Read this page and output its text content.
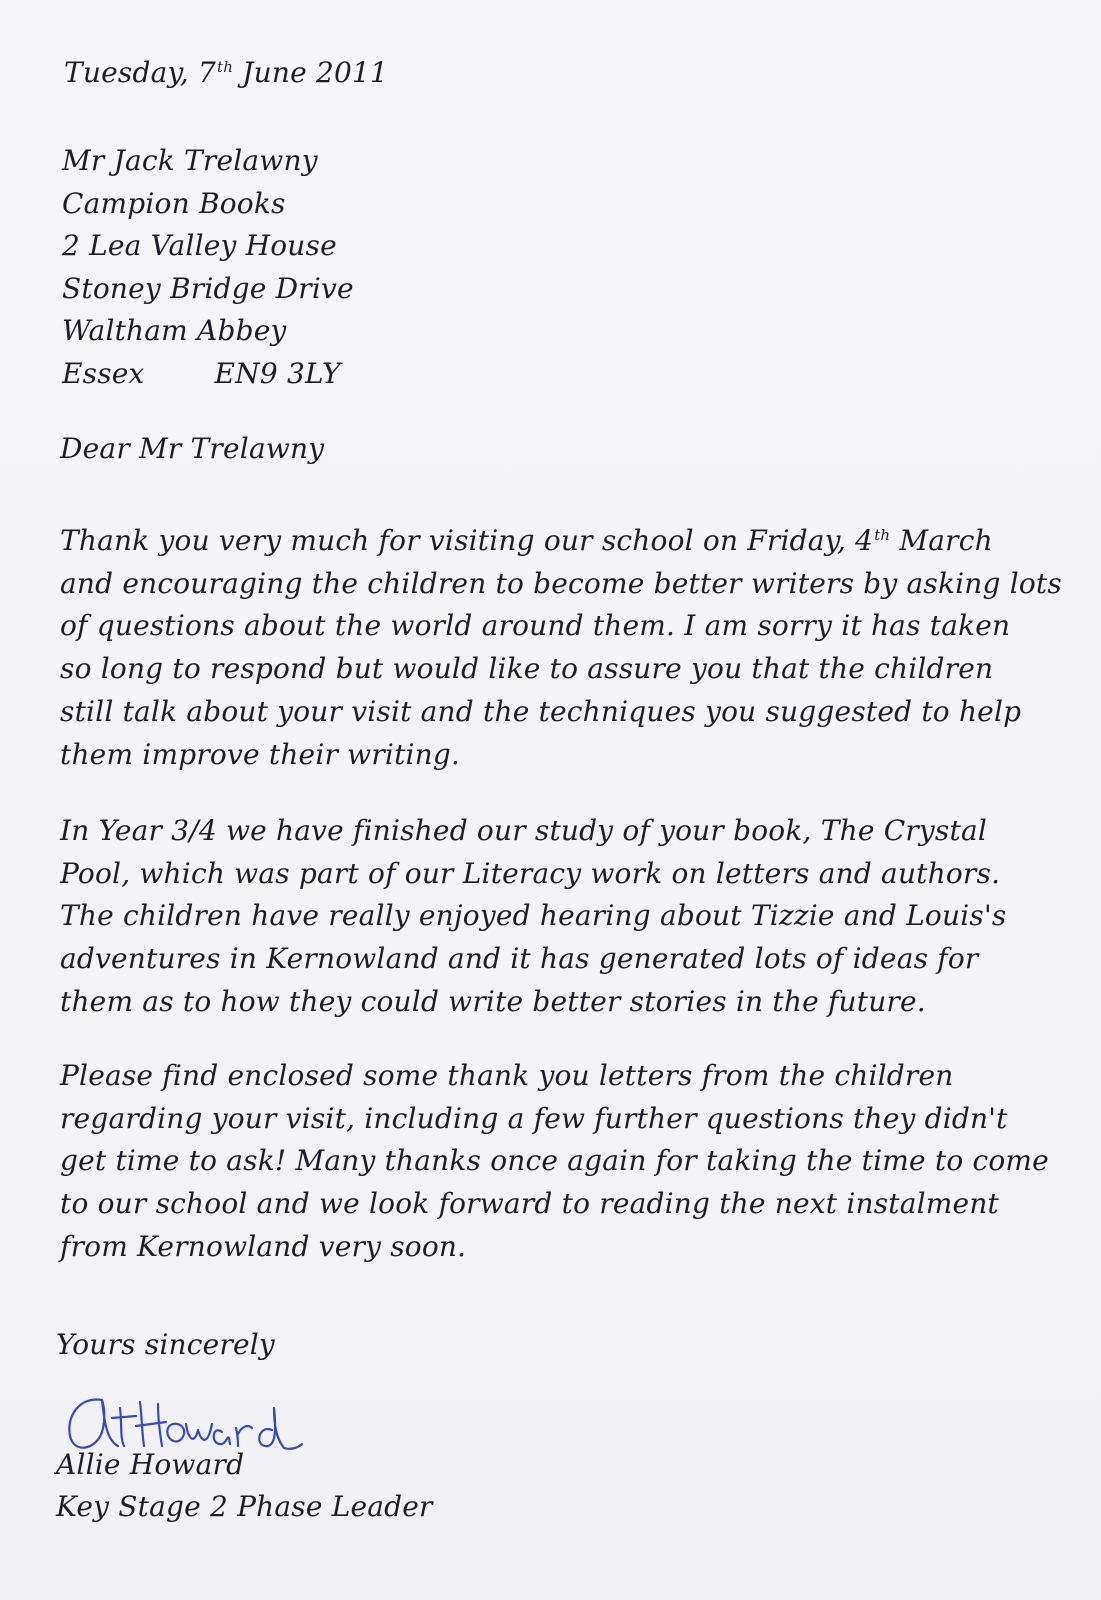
Tuesday, 7th June 2011
Mr Jack Trelawny
Campion Books
2 Lea Valley House
Stoney Bridge Drive
Waltham Abbey
Essex	EN9 3LY
Dear Mr Trelawny
Thank you very much for visiting our school on Friday, 4th March
and encouraging the children to become better writers by asking lots
of questions about the world around them. I am sorry it has taken
so long to respond but would like to assure you that the children
still talk about your visit and the techniques you suggested to help
them improve their writing.
In Year 3/4 we have finished our study of your book, The Crystal
Pool, which was part of our Literacy work on letters and authors.
The children have really enjoyed hearing about Tizzie and Louis's
adventures in Kernowland and it has generated lots of ideas for
them as to how they could write better stories in the future.
Please find enclosed some thank you letters from the children
regarding your visit, including a few further questions they didn't
get time to ask! Many thanks once again for taking the time to come
to our school and we look forward to reading the next instalment
from Kernowland very soon.
Yours sincerely
Allie Howard
Key Stage 2 Phase Leader
